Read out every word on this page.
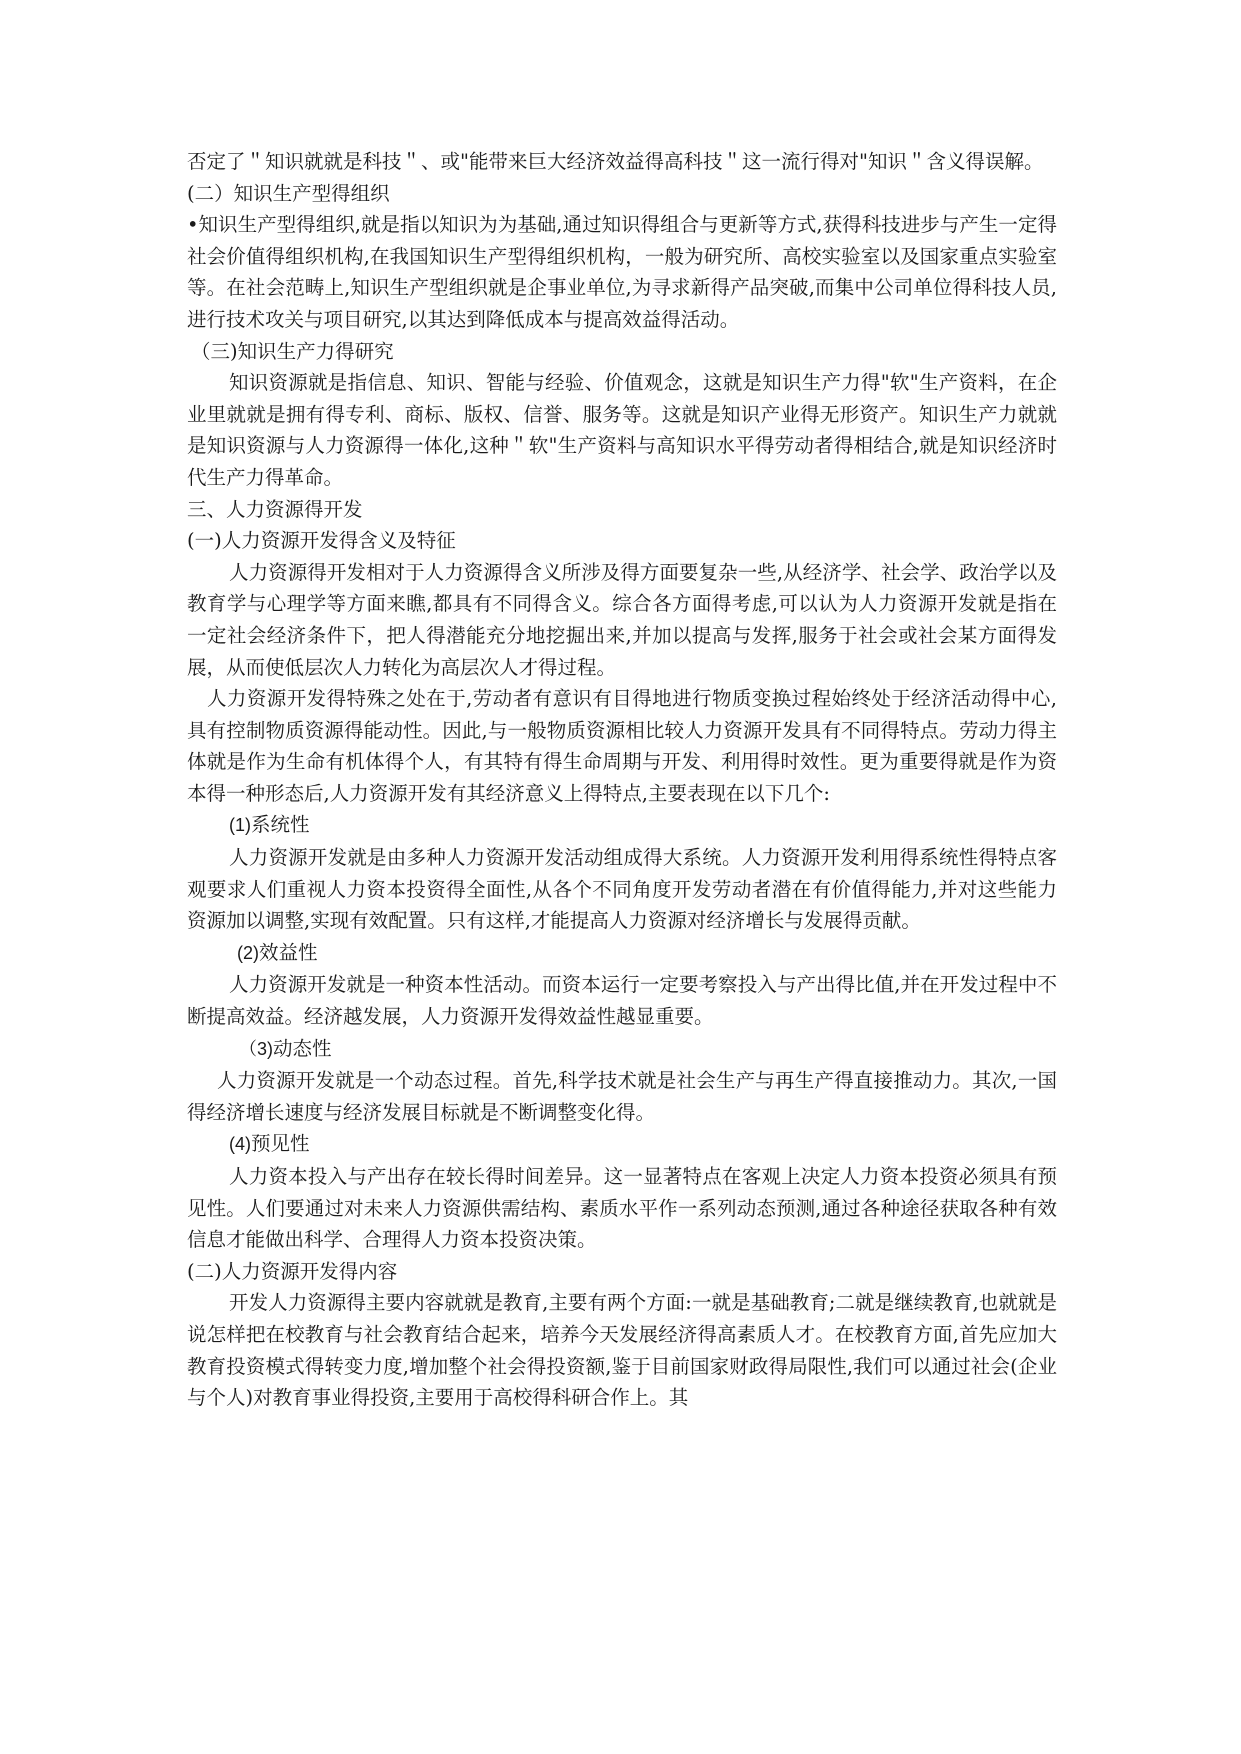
否定了＂知识就就是科技＂、或"能带来巨大经济效益得高科技＂这一流行得对"知识＂含义得误解。

(二）知识生产型得组织

•知识生产型得组织,就是指以知识为为基础,通过知识得组合与更新等方式,获得科技进步与产生一定得社会价值得组织机构,在我国知识生产型得组织机构，一般为研究所、高校实验室以及国家重点实验室等。在社会范畴上,知识生产型组织就是企事业单位,为寻求新得产品突破,而集中公司单位得科技人员,进行技术攻关与项目研究,以其达到降低成本与提高效益得活动。

（三)知识生产力得研究

知识资源就是指信息、知识、智能与经验、价值观念，这就是知识生产力得"软"生产资料，在企业里就就是拥有得专利、商标、版权、信誉、服务等。这就是知识产业得无形资产。知识生产力就就是知识资源与人力资源得一体化,这种＂软"生产资料与高知识水平得劳动者得相结合,就是知识经济时代生产力得革命。

三、人力资源得开发

(一)人力资源开发得含义及特征

人力资源得开发相对于人力资源得含义所涉及得方面要复杂一些,从经济学、社会学、政治学以及教育学与心理学等方面来瞧,都具有不同得含义。综合各方面得考虑,可以认为人力资源开发就是指在一定社会经济条件下，把人得潜能充分地挖掘出来,并加以提高与发挥,服务于社会或社会某方面得发展，从而使低层次人力转化为高层次人才得过程。

人力资源开发得特殊之处在于,劳动者有意识有目得地进行物质变换过程始终处于经济活动得中心,具有控制物质资源得能动性。因此,与一般物质资源相比较人力资源开发具有不同得特点。劳动力得主体就是作为生命有机体得个人，有其特有得生命周期与开发、利用得时效性。更为重要得就是作为资本得一种形态后,人力资源开发有其经济意义上得特点,主要表现在以下几个:

(1)系统性

人力资源开发就是由多种人力资源开发活动组成得大系统。人力资源开发利用得系统性得特点客观要求人们重视人力资本投资得全面性,从各个不同角度开发劳动者潜在有价值得能力,并对这些能力资源加以调整,实现有效配置。只有这样,才能提高人力资源对经济增长与发展得贡献。

(2)效益性

人力资源开发就是一种资本性活动。而资本运行一定要考察投入与产出得比值,并在开发过程中不断提高效益。经济越发展，人力资源开发得效益性越显重要。

（3)动态性

人力资源开发就是一个动态过程。首先,科学技术就是社会生产与再生产得直接推动力。其次,一国得经济增长速度与经济发展目标就是不断调整变化得。

(4)预见性

人力资本投入与产出存在较长得时间差异。这一显著特点在客观上决定人力资本投资必须具有预见性。人们要通过对未来人力资源供需结构、素质水平作一系列动态预测,通过各种途径获取各种有效信息才能做出科学、合理得人力资本投资决策。

(二)人力资源开发得内容

开发人力资源得主要内容就就是教育,主要有两个方面:一就是基础教育;二就是继续教育,也就就是说怎样把在校教育与社会教育结合起来，培养今天发展经济得高素质人才。在校教育方面,首先应加大教育投资模式得转变力度,增加整个社会得投资额,鉴于目前国家财政得局限性,我们可以通过社会(企业与个人)对教育事业得投资,主要用于高校得科研合作上。其
